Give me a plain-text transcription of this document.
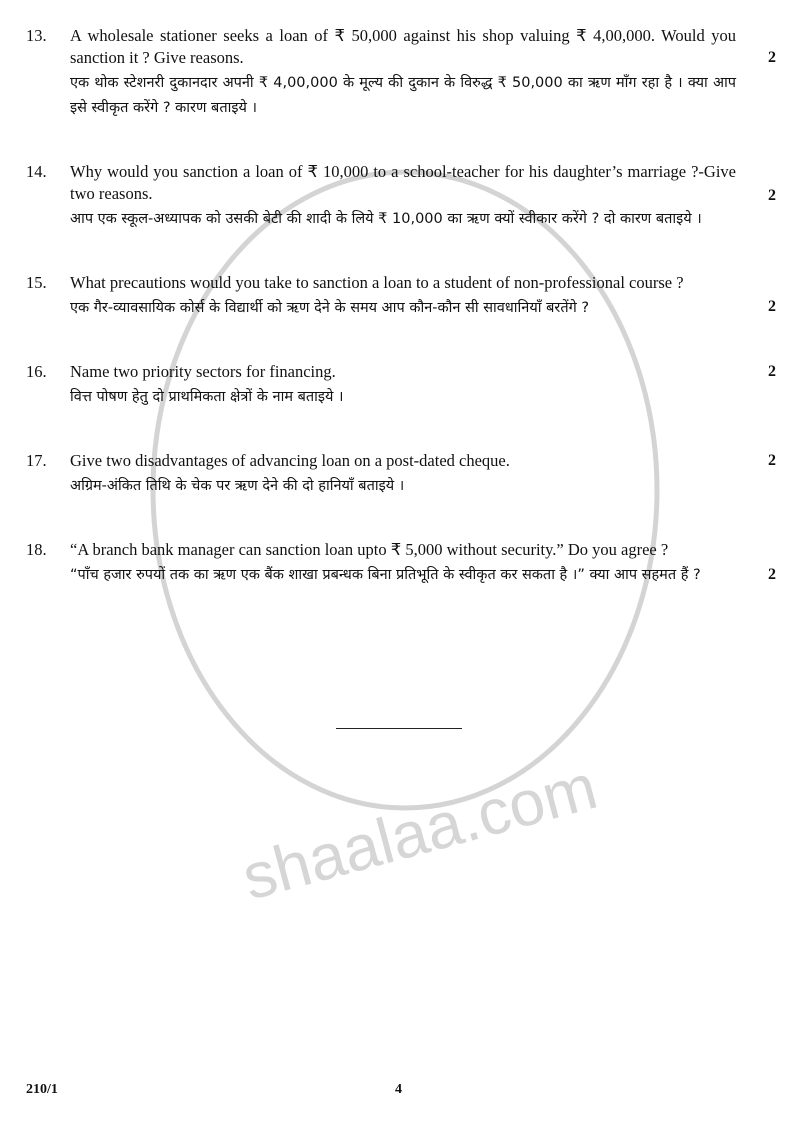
shaalaa.com
13. A wholesale stationer seeks a loan of ₹ 50,000 against his shop valuing ₹ 4,00,000. Would you sanction it ? Give reasons.

एक थोक स्टेशनरी दुकानदार अपनी ₹ 4,00,000 के मूल्य की दुकान के विरुद्ध ₹ 50,000 का ऋण माँग रहा है । क्या आप इसे स्वीकृत करेंगे ? कारण बताइये ।

2
14. Why would you sanction a loan of ₹ 10,000 to a school-teacher for his daughter’s marriage ?-Give two reasons.

आप एक स्कूल-अध्यापक को उसकी बेटी की शादी के लिये ₹ 10,000 का ऋण क्यों स्वीकार करेंगे ? दो कारण बताइये ।

2
15. What precautions would you take to sanction a loan to a student of non-professional course ?

एक गैर-व्यावसायिक कोर्स के विद्यार्थी को ऋण देने के समय आप कौन-कौन सी सावधानियाँ बरतेंगे ?	2
16. Name two priority sectors for financing.

वित्त पोषण हेतु दो प्राथमिकता क्षेत्रों के नाम बताइये ।

2
17. Give two disadvantages of advancing loan on a post-dated cheque.

अग्रिम-अंकित तिथि के चेक पर ऋण देने की दो हानियाँ बताइये ।

2
18. “A branch bank manager can sanction loan upto ₹ 5,000 without security.” Do you agree ?

“पाँच हजार रुपयों तक का ऋण एक बैंक शाखा प्रबन्धक बिना प्रतिभूति के स्वीकृत कर सकता है ।” क्या आप सहमत हैं ?	2
210/1	4
